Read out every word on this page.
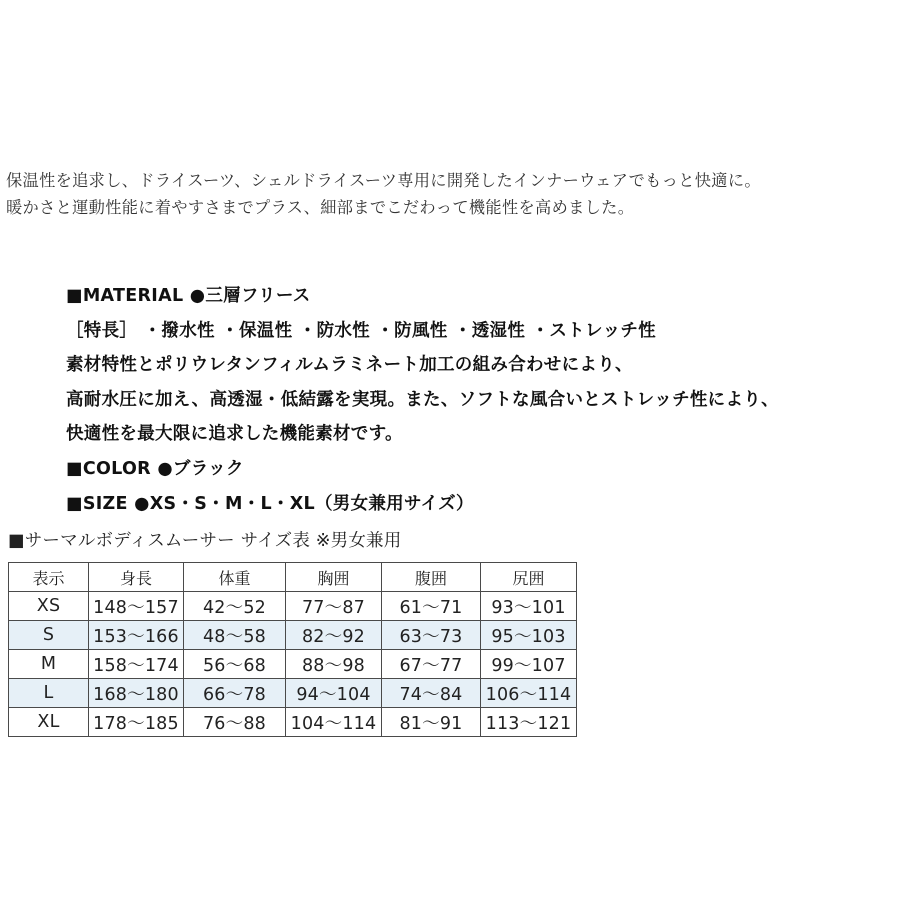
保温性を追求し、ドライスーツ、シェルドライスーツ専用に開発したインナーウェアでもっと快適に。
暖かさと運動性能に着やすさまでプラス、細部までこだわって機能性を高めました。
■MATERIAL ●三層フリース
［特長］ ・撥水性 ・保温性 ・防水性 ・防風性 ・透湿性 ・ストレッチ性
素材特性とポリウレタンフィルムラミネート加工の組み合わせにより、
高耐水圧に加え、高透湿・低結露を実現。また、ソフトな風合いとストレッチ性により、
快適性を最大限に追求した機能素材です。
■COLOR ●ブラック
■SIZE ●XS・S・M・L・XL（男女兼用サイズ）
■サーマルボディスムーサー サイズ表 ※男女兼用
表示	身長	体重	胸囲	腹囲	尻囲
XS	148～157	42～52	77～87	61～71	93～101
S	153～166	48～58	82～92	63～73	95～103
M	158～174	56～68	88～98	67～77	99～107
L	168～180	66～78	94～104	74～84	106～114
XL	178～185	76～88	104～114	81～91	113～121
